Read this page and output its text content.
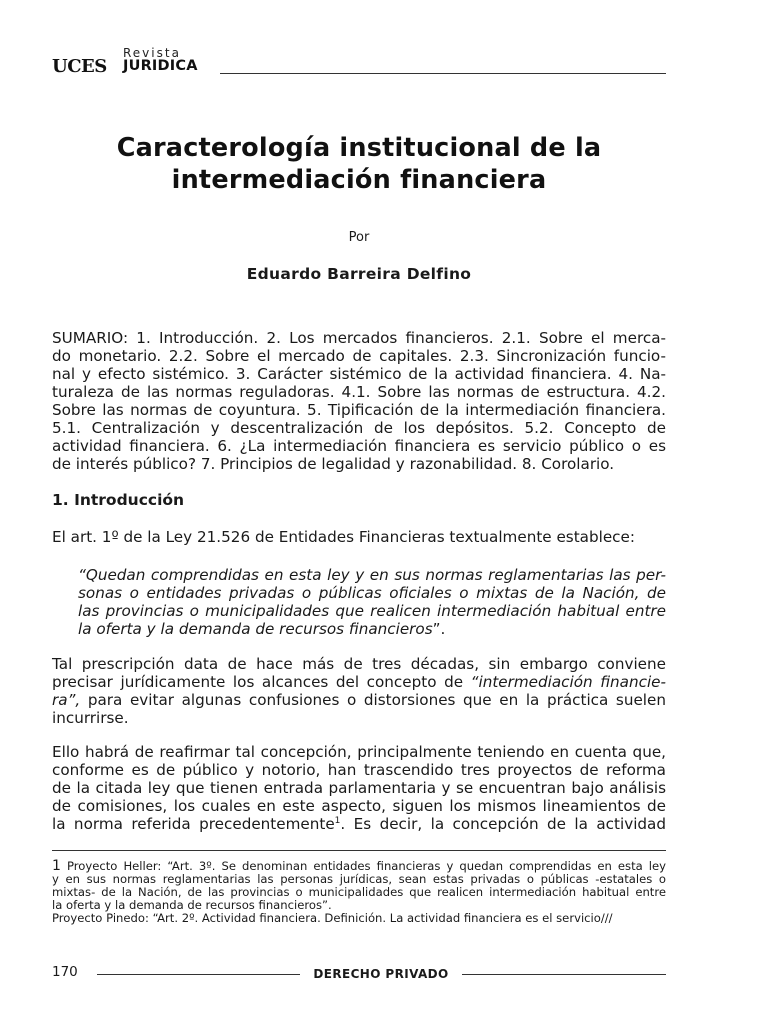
UCES
Revista
JURIDICA
Caracterología institucional de la
intermediación financiera
Por
Eduardo Barreira Delfino
SUMARIO: 1. Introducción. 2. Los mercados financieros. 2.1. Sobre el merca-
do monetario. 2.2. Sobre el mercado de capitales. 2.3. Sincronización funcio-
nal y efecto sistémico. 3. Carácter sistémico de la actividad financiera. 4. Na-
turaleza de las normas reguladoras. 4.1. Sobre las normas de estructura. 4.2.
Sobre las normas de coyuntura. 5. Tipificación de la intermediación financiera.
5.1. Centralización y descentralización de los depósitos. 5.2. Concepto de
actividad financiera. 6. ¿La intermediación financiera es servicio público o es
de interés público? 7. Principios de legalidad y razonabilidad. 8. Corolario.
1. Introducción
El art. 1º de la Ley 21.526 de Entidades Financieras textualmente establece:
“Quedan comprendidas en esta ley y en sus normas reglamentarias las per-
sonas o entidades privadas o públicas oficiales o mixtas de la Nación, de
las provincias o municipalidades que realicen intermediación habitual entre
la oferta y la demanda de recursos financieros”.
Tal prescripción data de hace más de tres décadas, sin embargo conviene
precisar jurídicamente los alcances del concepto de “intermediación financie-
ra”, para evitar algunas confusiones o distorsiones que en la práctica suelen
incurrirse.
Ello habrá de reafirmar tal concepción, principalmente teniendo en cuenta que,
conforme es de público y notorio, han trascendido tres proyectos de reforma
de la citada ley que tienen entrada parlamentaria y se encuentran bajo análisis
de comisiones, los cuales en este aspecto, siguen los mismos lineamientos de
la norma referida precedentemente$^1$. Es decir, la concepción de la actividad
1 Proyecto Heller: “Art. 3º. Se denominan entidades financieras y quedan comprendidas en esta ley
y en sus normas reglamentarias las personas jurídicas, sean estas privadas o públicas -estatales o
mixtas- de la Nación, de las provincias o municipalidades que realicen intermediación habitual entre
la oferta y la demanda de recursos financieros”.
Proyecto Pinedo: “Art. 2º. Actividad financiera. Definición. La actividad financiera es el servicio///
170	DERECHO PRIVADO
